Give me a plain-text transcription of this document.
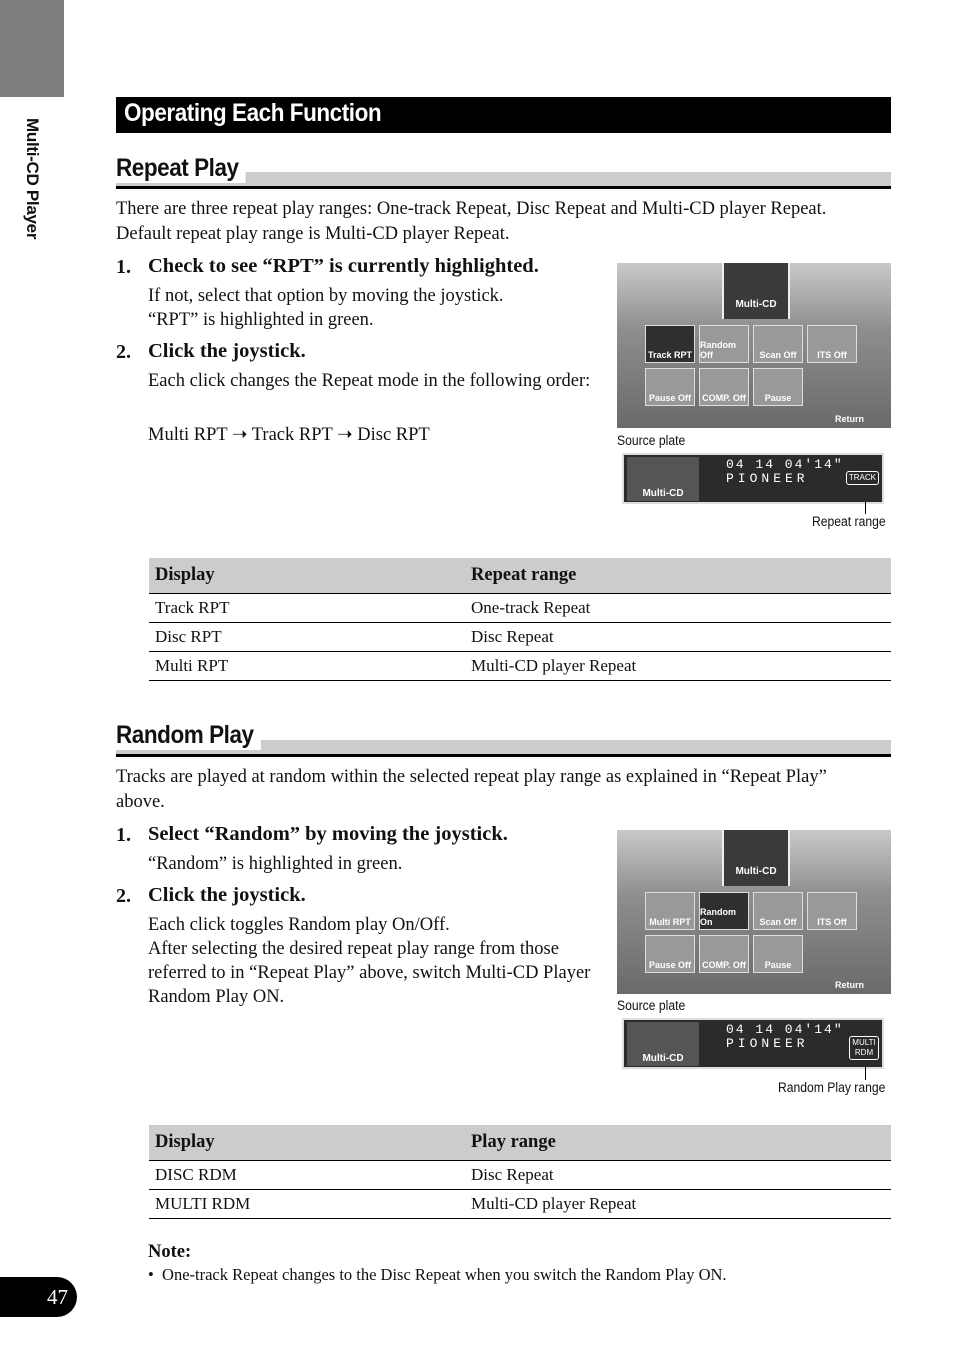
Multi-CD Player
47
Operating Each Function
Repeat Play
There are three repeat play ranges: One-track Repeat, Disc Repeat and Multi-CD player Repeat. Default repeat play range is Multi-CD player Repeat.
1. Check to see “RPT” is currently highlighted.
If not, select that option by moving the joystick.
“RPT” is highlighted in green.
2. Click the joystick.
Each click changes the Repeat mode in the following order:
Multi RPT ➝ Track RPT ➝ Disc RPT
Multi-CD
Track RPT
Random Off	Scan Off	ITS Off
Pause Off	COMP. Off	Pause
Return
Source plate
Multi-CD
04 14 04'14"
PIONEER	TRACK
Repeat range
Display	Repeat range
Track RPT	One-track Repeat
Disc RPT	Disc Repeat
Multi RPT	Multi-CD player Repeat
Random Play
Tracks are played at random within the selected repeat play range as explained in “Repeat Play” above.
1. Select “Random” by moving the joystick.
“Random” is highlighted in green.
2. Click the joystick.
Each click toggles Random play On/Off.
After selecting the desired repeat play range from those referred to in “Repeat Play” above, switch Multi-CD Player Random Play ON.
Multi-CD
Multi RPT
Random On	Scan Off	ITS Off
Pause Off	COMP. Off	Pause
Return
Source plate
Multi-CD
04 14 04'14"
PIONEER	MULTI RDM
Random Play range
Display	Play range
DISC RDM	Disc Repeat
MULTI RDM	Multi-CD player Repeat
Note:
•  One-track Repeat changes to the Disc Repeat when you switch the Random Play ON.
